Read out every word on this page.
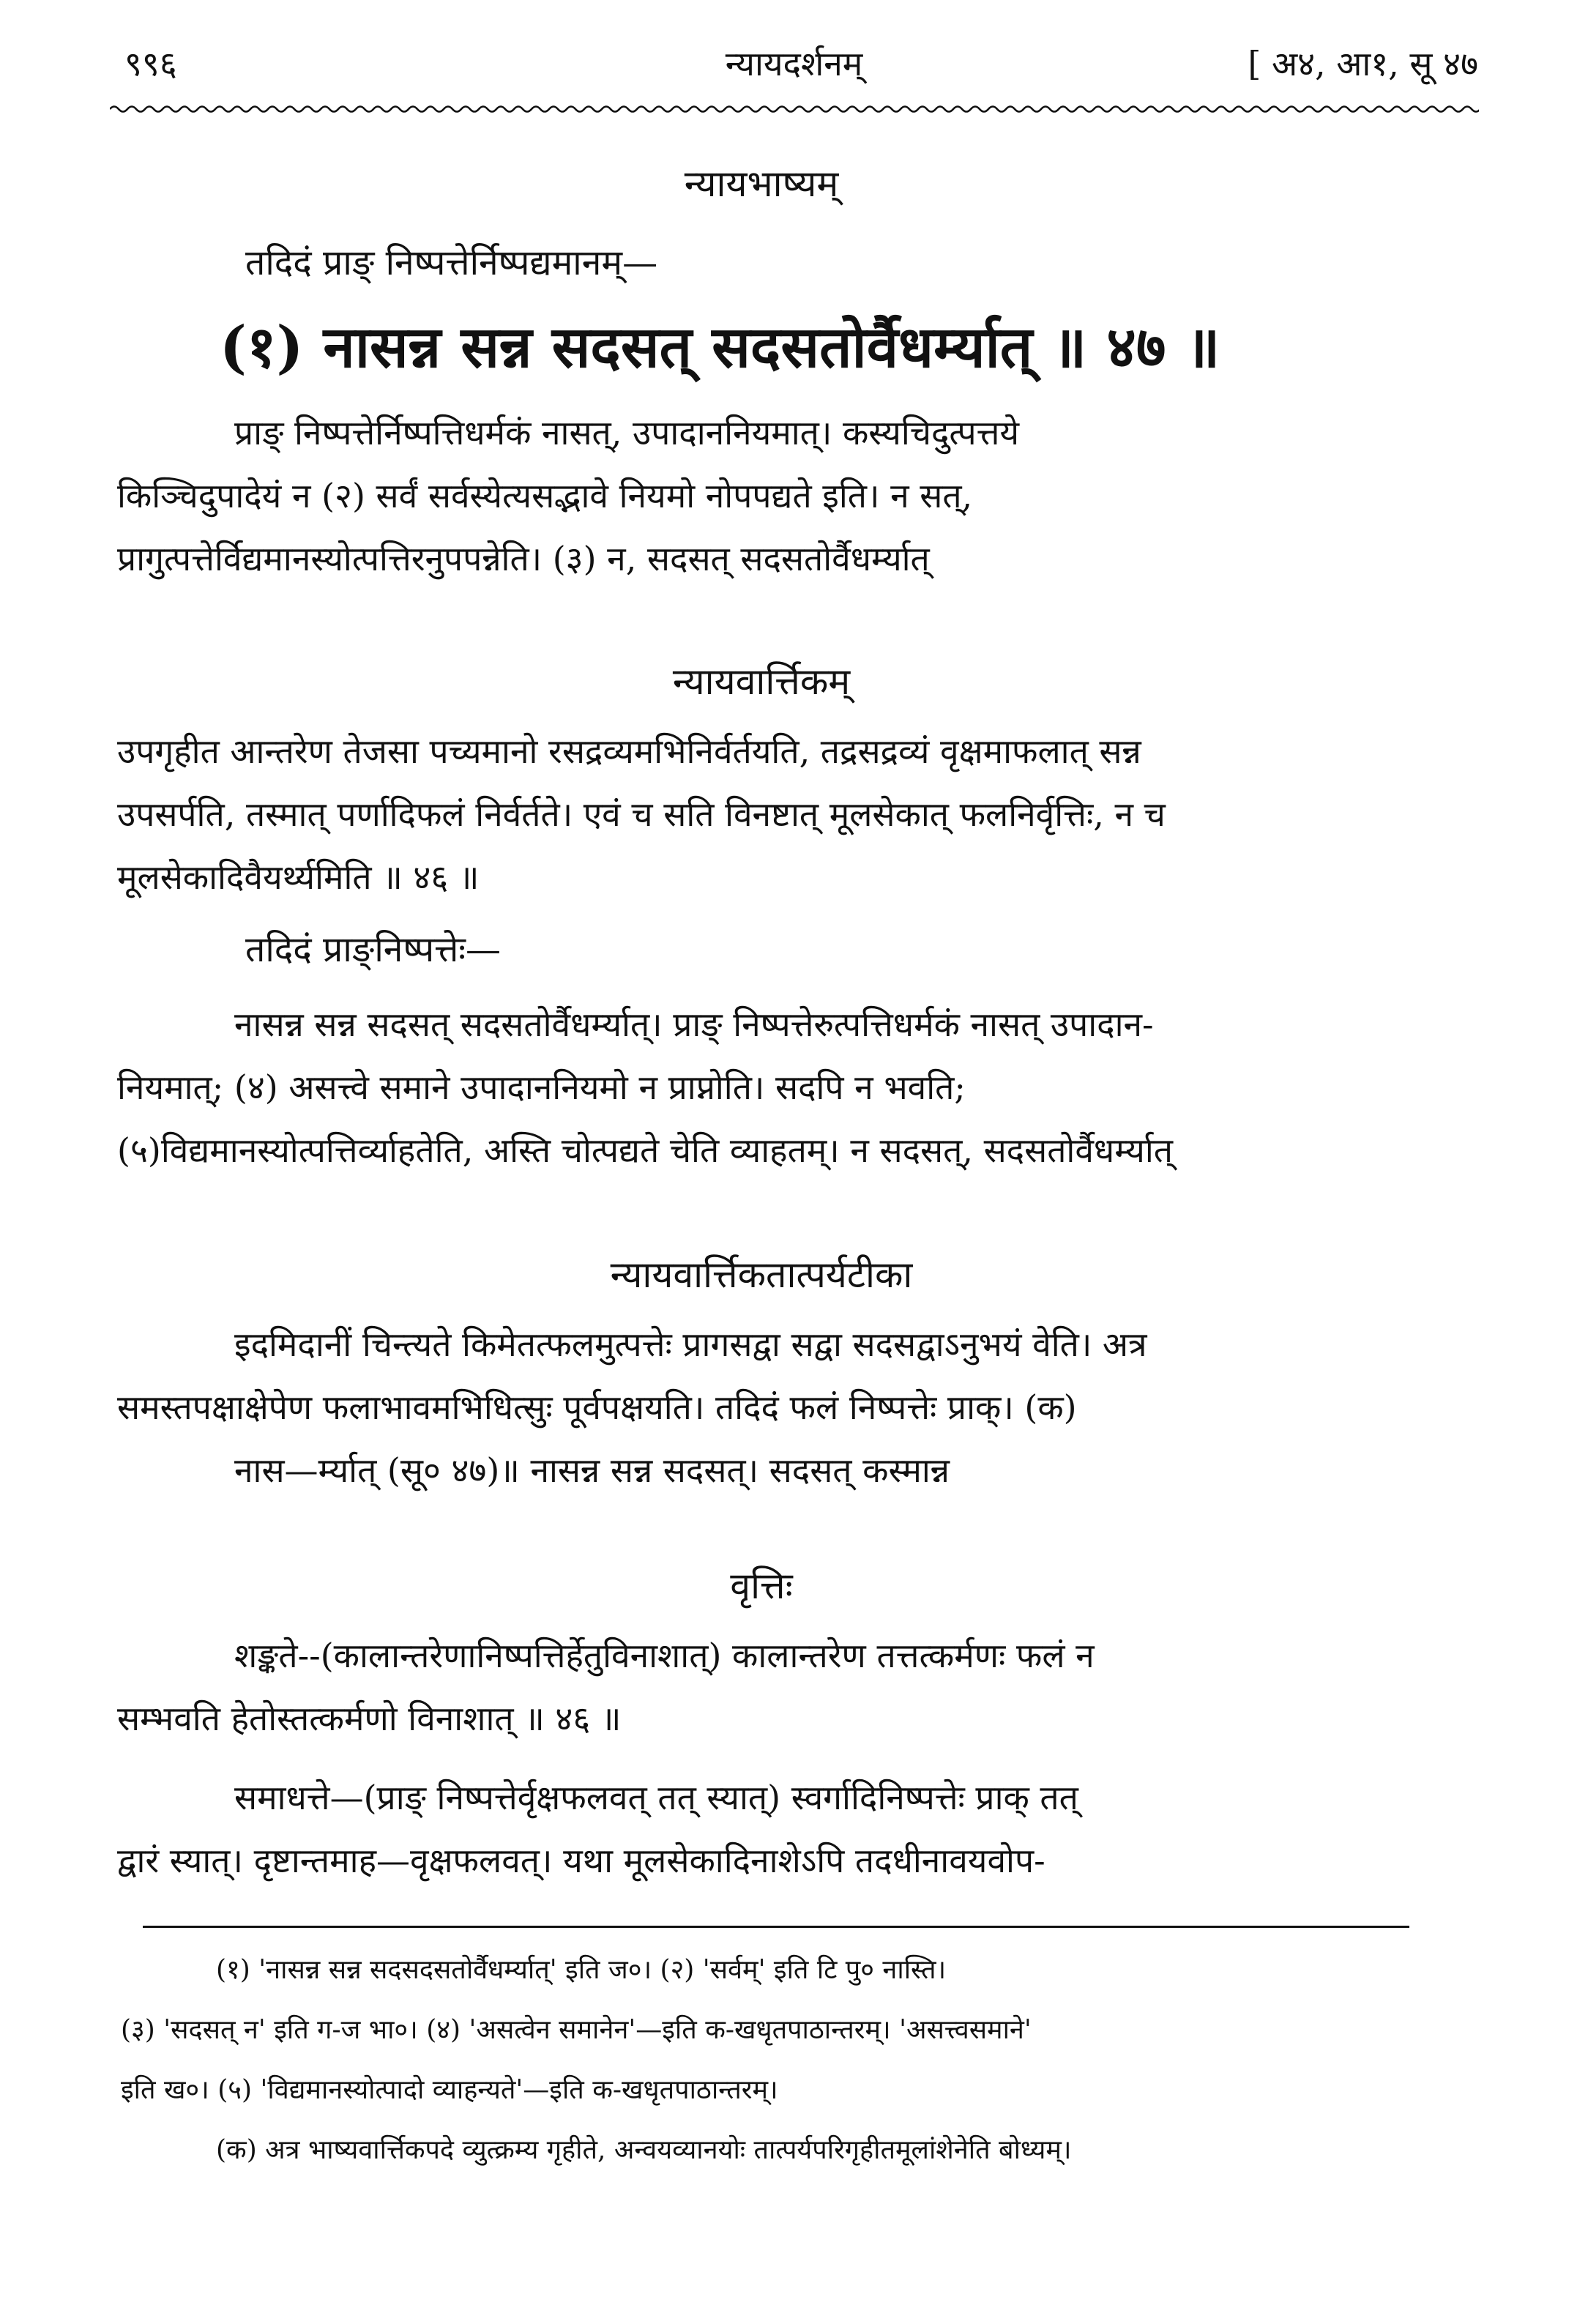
९९६	न्यायदर्शनम्	[ अ४, आ१, सू ४७
न्यायभाष्यम्
तदिदं प्राङ् निष्पत्तेर्निष्पद्यमानम्—
(१) नासन्न सन्न सदसत् सदसतोर्वैधर्म्यात् ॥ ४७ ॥
प्राङ् निष्पत्तेर्निष्पत्तिधर्मकं नासत्, उपादाननियमात्। कस्यचिदुत्पत्तये
किञ्चिदुपादेयं न (२) सर्वं सर्वस्येत्यसद्भावे नियमो नोपपद्यते इति। न सत्,
प्रागुत्पत्तेर्विद्यमानस्योत्पत्तिरनुपपन्नेति। (३) न, सदसत् सदसतोर्वैधर्म्यात्
न्यायवार्त्तिकम्
उपगृहीत आन्तरेण तेजसा पच्यमानो रसद्रव्यमभिनिर्वर्तयति, तद्रसद्रव्यं वृक्षमाफलात् सन्न
उपसर्पति, तस्मात् पर्णादिफलं निर्वर्तते। एवं च सति विनष्टात् मूलसेकात् फलनिर्वृत्तिः, न च
मूलसेकादिवैयर्थ्यमिति ॥ ४६ ॥
तदिदं प्राङ्निष्पत्तेः—
नासन्न सन्न सदसत् सदसतोर्वैधर्म्यात्। प्राङ् निष्पत्तेरुत्पत्तिधर्मकं नासत् उपादान-
नियमात्; (४) असत्त्वे समाने उपादाननियमो न प्राप्नोति। सदपि न भवति;
(५)विद्यमानस्योत्पत्तिर्व्याहतेति, अस्ति चोत्पद्यते चेति व्याहतम्। न सदसत्, सदसतोर्वैधर्म्यात्
न्यायवार्त्तिकतात्पर्यटीका
इदमिदानीं चिन्त्यते किमेतत्फलमुत्पत्तेः प्रागसद्वा सद्वा सदसद्वाऽनुभयं वेति। अत्र
समस्तपक्षाक्षेपेण फलाभावमभिधित्सुः पूर्वपक्षयति। तदिदं फलं निष्पत्तेः प्राक्। (क)
नास—र्म्यात् (सू० ४७)॥ नासन्न सन्न सदसत्। सदसत् कस्मान्न
वृत्तिः
शङ्कते--(कालान्तरेणानिष्पत्तिर्हेतुविनाशात्) कालान्तरेण तत्तत्कर्मणः फलं न
सम्भवति हेतोस्तत्कर्मणो विनाशात् ॥ ४६ ॥
समाधत्ते—(प्राङ् निष्पत्तेर्वृक्षफलवत् तत् स्यात्) स्वर्गादिनिष्पत्तेः प्राक् तत्
द्वारं स्यात्। दृष्टान्तमाह—वृक्षफलवत्। यथा मूलसेकादिनाशेऽपि तदधीनावयवोप-
(१) 'नासन्न सन्न सदसदसतोर्वैधर्म्यात्' इति ज०। (२) 'सर्वम्' इति टि पु० नास्ति।
(३) 'सदसत् न' इति ग-ज भा०। (४) 'असत्वेन समानेन'—इति क-खधृतपाठान्तरम्। 'असत्त्वसमाने'
इति ख०। (५) 'विद्यमानस्योत्पादो व्याहन्यते'—इति क-खधृतपाठान्तरम्।
(क) अत्र भाष्यवार्त्तिकपदे व्युत्क्रम्य गृहीते, अन्वयव्यानयोः तात्पर्यपरिगृहीतमूलांशेनेति बोध्यम्।
